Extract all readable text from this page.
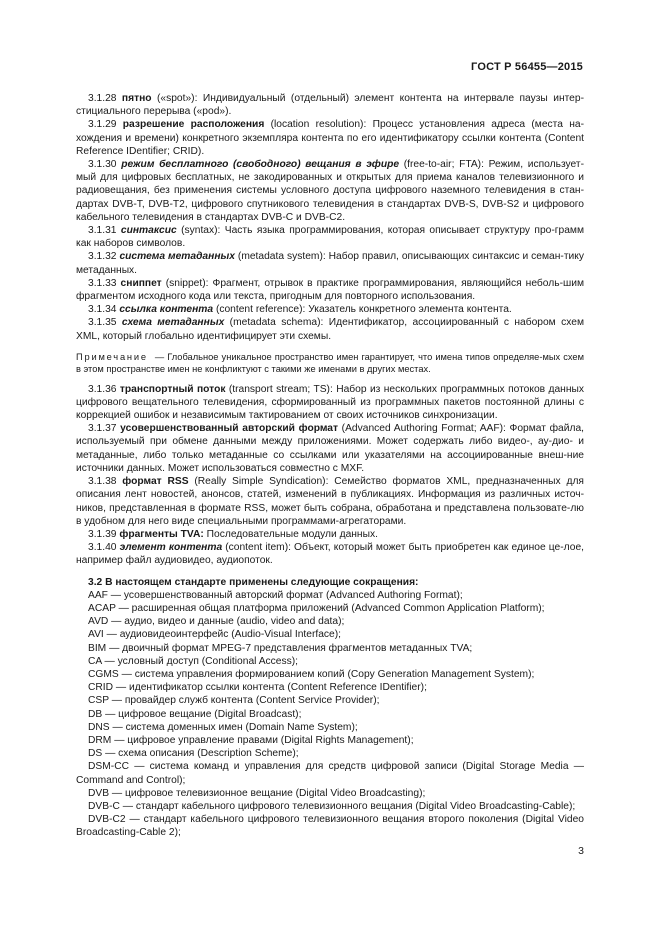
ГОСТ Р 56455—2015

3.1.28 пятно («spot»): Индивидуальный (отдельный) элемент контента на интервале паузы интер-стициального перерыва («pod»).

3.1.29 разрешение расположения (location resolution): Процесс установления адреса (места на-хождения и времени) конкретного экземпляра контента по его идентификатору ссылки контента (Content Reference IDentifier; CRID).

3.1.30 режим бесплатного (свободного) вещания в эфире (free-to-air; FTA): Режим, использует-мый для цифровых бесплатных, не закодированных и открытых для приема каналов телевизионного и радиовещания, без применения системы условного доступа цифрового наземного телевидения в стан-дартах DVB-T, DVB-T2, цифрового спутникового телевидения в стандартах DVB-S, DVB-S2 и цифрового кабельного телевидения в стандартах DVB-C и DVB-C2.

3.1.31 синтаксис (syntax): Часть языка программирования, которая описывает структуру про-грамм как наборов символов.

3.1.32 система метаданных (metadata system): Набор правил, описывающих синтаксис и семан-тику метаданных.

3.1.33 сниппет (snippet): Фрагмент, отрывок в практике программирования, являющийся неболь-шим фрагментом исходного кода или текста, пригодным для повторного использования.

3.1.34 ссылка контента (content reference): Указатель конкретного элемента контента.

3.1.35 схема метаданных (metadata schema): Идентификатор, ассоциированный с набором схем XML, который глобально идентифицирует эти схемы.

Примечание — Глобальное уникальное пространство имен гарантирует, что имена типов определяе-мых схем в этом пространстве имен не конфликтуют с такими же именами в других местах.

3.1.36 транспортный поток (transport stream; TS): Набор из нескольких программных потоков данных цифрового вещательного телевидения, сформированный из программных пакетов постоянной длины с коррекцией ошибок и независимым тактированием от своих источников синхронизации.

3.1.37 усовершенствованный авторский формат (Advanced Authoring Format; AAF): Формат файла, используемый при обмене данными между приложениями. Может содержать либо видео-, ау-дио- и метаданные, либо только метаданные со ссылками или указателями на ассоциированные внеш-ние источники данных. Может использоваться совместно с MXF.

3.1.38 формат RSS (Really Simple Syndication): Семейство форматов XML, предназначенных для описания лент новостей, анонсов, статей, изменений в публикациях. Информация из различных источ-ников, представленная в формате RSS, может быть собрана, обработана и представлена пользовате-лю в удобном для него виде специальными программами-агрегаторами.

3.1.39 фрагменты TVA: Последовательные модули данных.

3.1.40 элемент контента (content item): Объект, который может быть приобретен как единое це-лое, например файл аудиовидео, аудиопоток.

3.2 В настоящем стандарте применены следующие сокращения:

AAF — усовершенствованный авторский формат (Advanced Authoring Format);

ACAP — расширенная общая платформа приложений (Advanced Common Application Platform);

AVD — аудио, видео и данные (audio, video and data);

AVI — аудиовидеоинтерфейс (Audio-Visual Interface);

BIM — двоичный формат MPEG-7 представления фрагментов метаданных TVA;

CA — условный доступ (Conditional Access);

CGMS — система управления формированием копий (Copy Generation Management System);

CRID — идентификатор ссылки контента (Content Reference IDentifier);

CSP — провайдер служб контента (Content Service Provider);

DB — цифровое вещание (Digital Broadcast);

DNS — система доменных имен (Domain Name System);

DRM — цифровое управление правами (Digital Rights Management);

DS — схема описания (Description Scheme);

DSM-CC — система команд и управления для средств цифровой записи (Digital Storage Media — Command and Control);

DVB — цифровое телевизионное вещание (Digital Video Broadcasting);

DVB-C — стандарт кабельного цифрового телевизионного вещания (Digital Video Broadcasting-Cable);

DVB-C2 — стандарт кабельного цифрового телевизионного вещания второго поколения (Digital Video Broadcasting-Cable 2);

3
